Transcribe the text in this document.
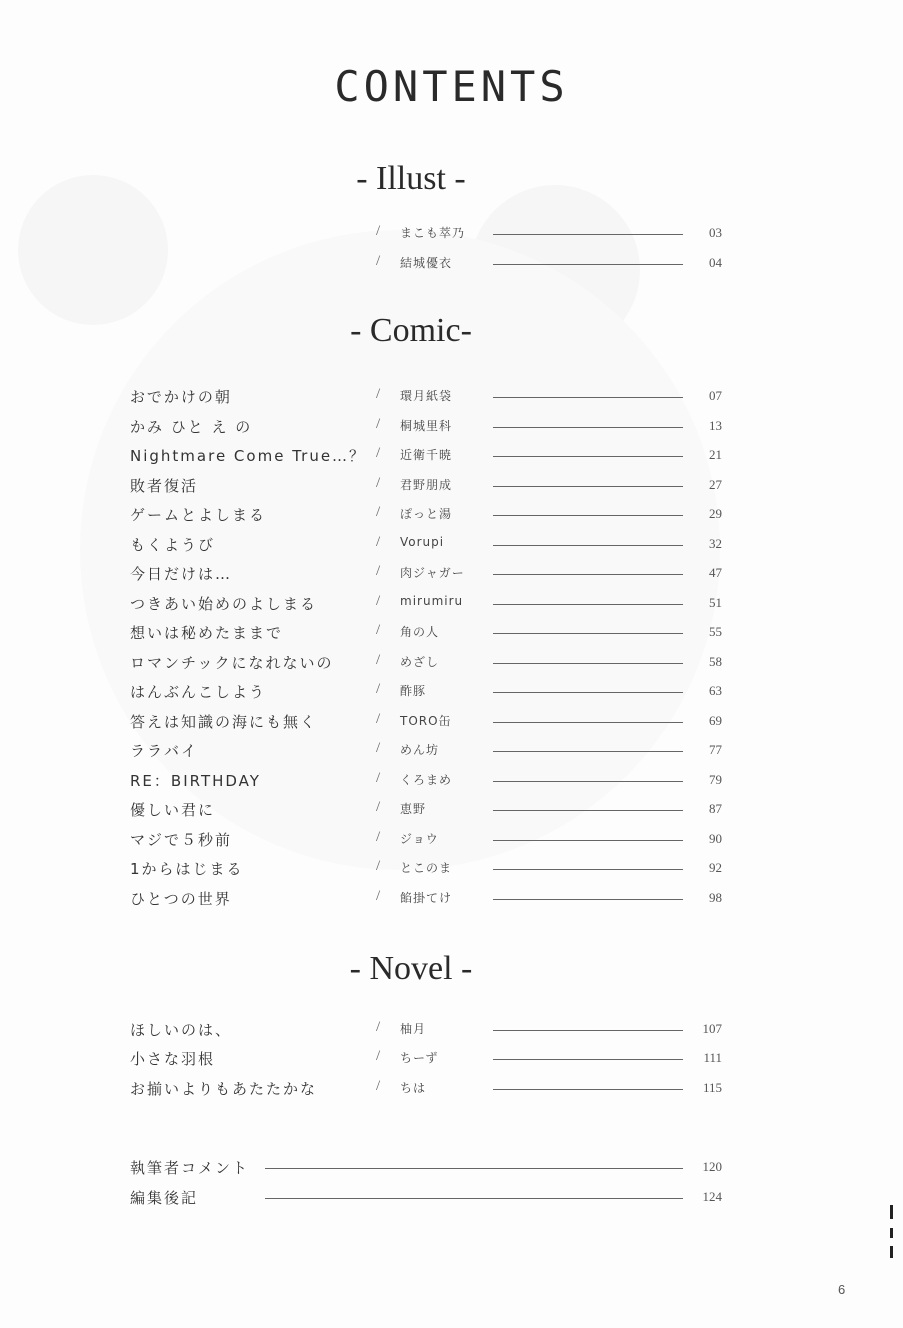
CONTENTS
- Illust -
/ まこも萃乃	03
/ 結城優衣	04
- Comic-
おでかけの朝	/ 環月紙袋	07
かみ ひと え の	/ 桐城里科	13
Nightmare Come True…？ / 近衛千暁	21
敗者復活	/ 君野朋成	27
ゲームとよしまる	/ ぽっと湯	29
もくようび	/ Vorupi	32
今日だけは…	/ 肉ジャガー	47
つきあい始めのよしまる	/ mirumiru	51
想いは秘めたままで	/ 角の人	55
ロマンチックになれないの	/ めざし	58
はんぶんこしよう	/ 酢豚	63
答えは知識の海にも無く	/ TORO缶	69
ララバイ	/ めん坊	77
RE：BIRTHDAY	/ くろまめ	79
優しい君に	/ 恵野	87
マジで５秒前	/ ジョウ	90
1からはじまる	/ とこのま	92
ひとつの世界	/ 餡掛てけ	98
- Novel -
ほしいのは、	/ 柚月	107
小さな羽根	/ ちーず	111
お揃いよりもあたたかな	/ ちは	115
執筆者コメント	120
編集後記	124
6
